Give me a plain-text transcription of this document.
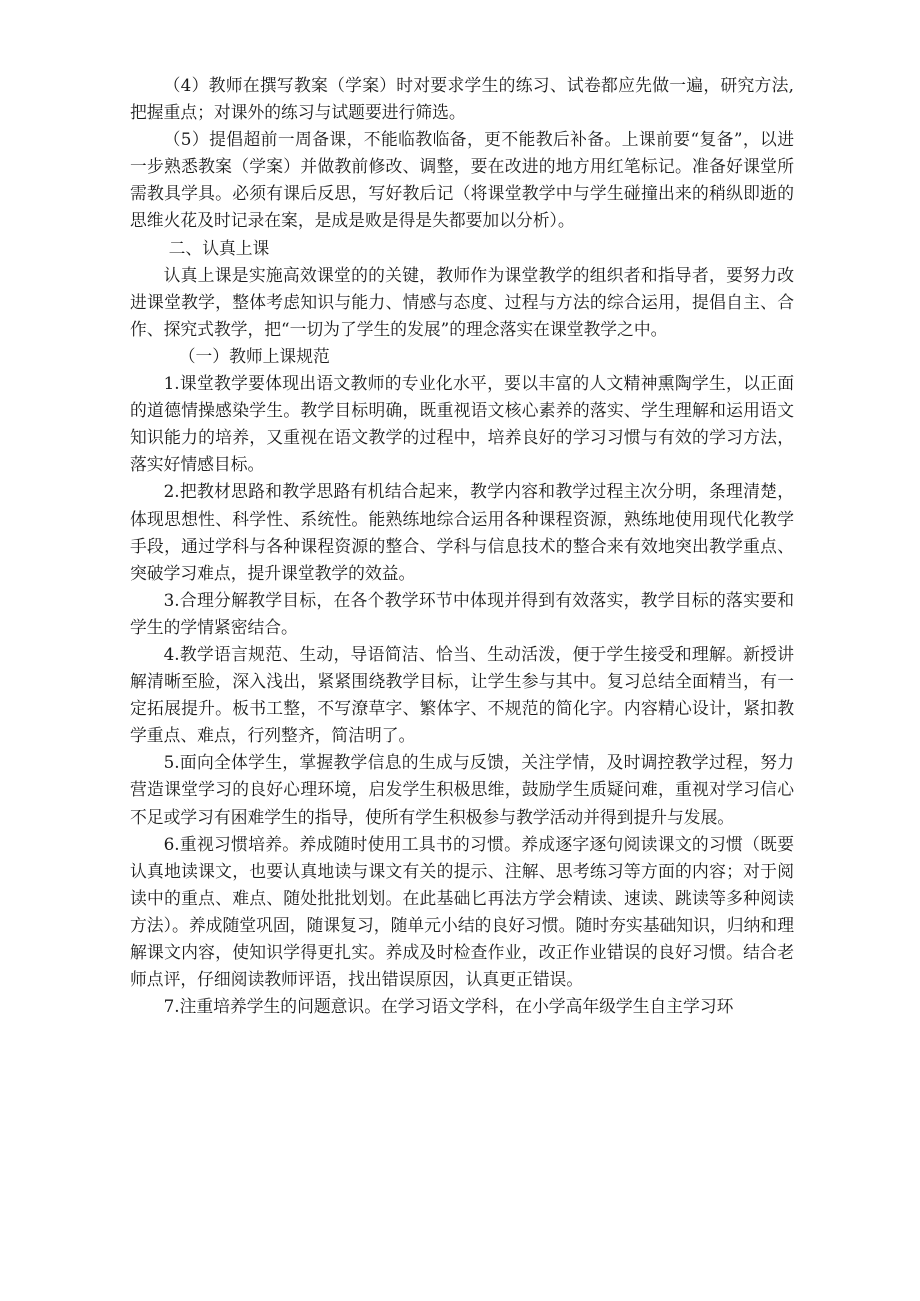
（4）教师在撰写教案（学案）时对要求学生的练习、试卷都应先做一遍，研究方法,把握重点；对课外的练习与试题要进行筛选。

（5）提倡超前一周备课，不能临教临备，更不能教后补备。上课前要“复备”，以进一步熟悉教案（学案）并做教前修改、调整，要在改进的地方用红笔标记。准备好课堂所需教具学具。必须有课后反思，写好教后记（将课堂教学中与学生碰撞出来的稍纵即逝的思维火花及时记录在案，是成是败是得是失都要加以分析）。

二、认真上课

认真上课是实施高效课堂的的关键，教师作为课堂教学的组织者和指导者，要努力改进课堂教学，整体考虑知识与能力、情感与态度、过程与方法的综合运用，提倡自主、合作、探究式教学，把“一切为了学生的发展”的理念落实在课堂教学之中。

（一）教师上课规范

1.课堂教学要体现出语文教师的专业化水平，要以丰富的人文精神熏陶学生，以正面的道德情操感染学生。教学目标明确，既重视语文核心素养的落实、学生理解和运用语文知识能力的培养，又重视在语文教学的过程中，培养良好的学习习惯与有效的学习方法，落实好情感目标。

2.把教材思路和教学思路有机结合起来，教学内容和教学过程主次分明，条理清楚，体现思想性、科学性、系统性。能熟练地综合运用各种课程资源，熟练地使用现代化教学手段，通过学科与各种课程资源的整合、学科与信息技术的整合来有效地突出教学重点、突破学习难点，提升课堂教学的效益。

3.合理分解教学目标，在各个教学环节中体现并得到有效落实，教学目标的落实要和学生的学情紧密结合。

4.教学语言规范、生动，导语简洁、恰当、生动活泼，便于学生接受和理解。新授讲解清晰至脸，深入浅出，紧紧围绕教学目标，让学生参与其中。复习总结全面精当，有一定拓展提升。板书工整，不写潦草字、繁体字、不规范的简化字。内容精心设计，紧扣教学重点、难点，行列整齐，简洁明了。

5.面向全体学生，掌握教学信息的生成与反馈，关注学情，及时调控教学过程，努力营造课堂学习的良好心理环境，启发学生积极思维，鼓励学生质疑问难，重视对学习信心不足或学习有困难学生的指导，使所有学生积极参与教学活动并得到提升与发展。

6.重视习惯培养。养成随时使用工具书的习惯。养成逐字逐句阅读课文的习惯（既要认真地读课文，也要认真地读与课文有关的提示、注解、思考练习等方面的内容；对于阅读中的重点、难点、随处批批划划。在此基础匕再法方学会精读、速读、跳读等多种阅读方法）。养成随堂巩固，随课复习，随单元小结的良好习惯。随时夯实基础知识，归纳和理解课文内容，使知识学得更扎实。养成及时检查作业，改正作业错误的良好习惯。结合老师点评，仔细阅读教师评语，找出错误原因，认真更正错误。

7.注重培养学生的问题意识。在学习语文学科，在小学高年级学生自主学习环
